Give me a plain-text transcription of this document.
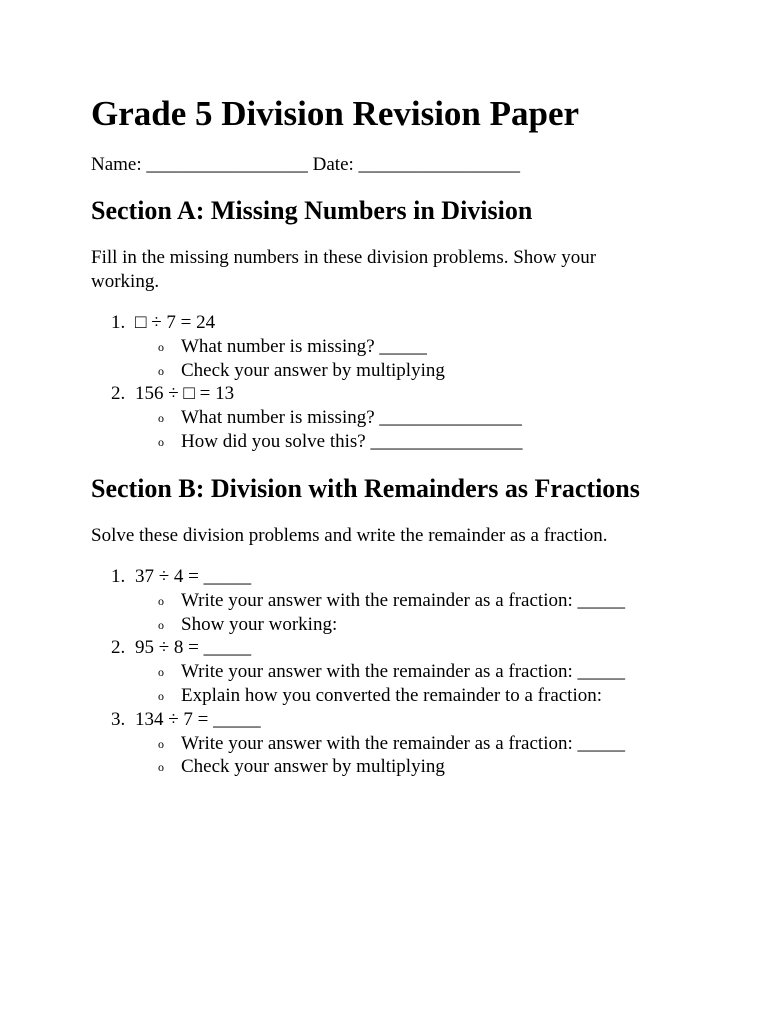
Grade 5 Division Revision Paper

Name: _________________ Date: _________________

Section A: Missing Numbers in Division

Fill in the missing numbers in these division problems. Show your working.

1. □ ÷ 7 = 24
o What number is missing? _____
o Check your answer by multiplying
2. 156 ÷ □ = 13
o What number is missing? _______________
o How did you solve this? ________________
Section B: Division with Remainders as Fractions

Solve these division problems and write the remainder as a fraction.

1. 37 ÷ 4 = _____
o Write your answer with the remainder as a fraction: _____
o Show your working:
2. 95 ÷ 8 = _____
o Write your answer with the remainder as a fraction: _____
o Explain how you converted the remainder to a fraction:
3. 134 ÷ 7 = _____
o Write your answer with the remainder as a fraction: _____
o Check your answer by multiplying
